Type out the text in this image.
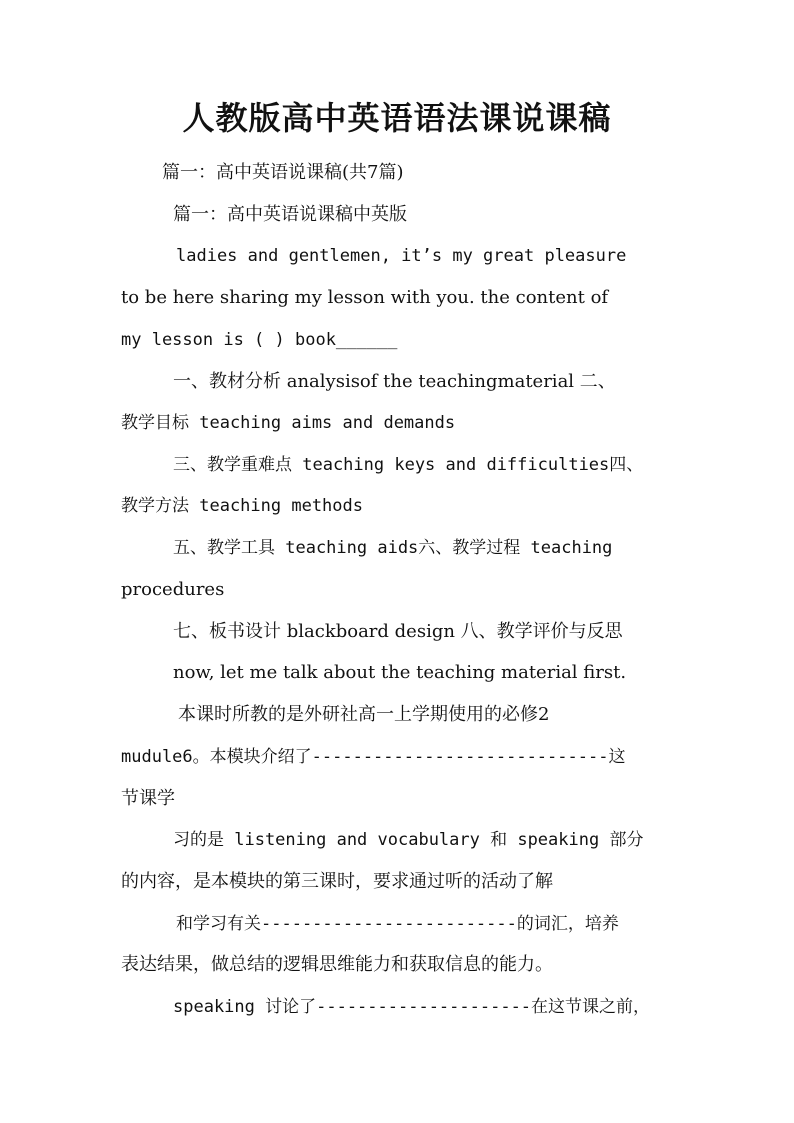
人教版高中英语语法课说课稿

篇一：高中英语说课稿(共7篇)

篇一：高中英语说课稿中英版

ladies and gentlemen, it’s my great pleasure

to be here sharing my lesson with you. the content of

my lesson is ( ) book______

一、教材分析 analysisof the teachingmaterial 二、

教学目标 teaching aims and demands

三、教学重难点 teaching keys and difficulties四、

教学方法 teaching methods

五、教学工具 teaching aids六、教学过程 teaching

procedures

七、板书设计 blackboard design 八、教学评价与反思

now, let me talk about the teaching material first.

本课时所教的是外研社高一上学期使用的必修2

mudule6。本模块介绍了-----------------------------这

节课学

习的是 listening and vocabulary 和 speaking 部分

的内容，是本模块的第三课时，要求通过听的活动了解

和学习有关-------------------------的词汇，培养

表达结果，做总结的逻辑思维能力和获取信息的能力。

speaking 讨论了---------------------在这节课之前，
